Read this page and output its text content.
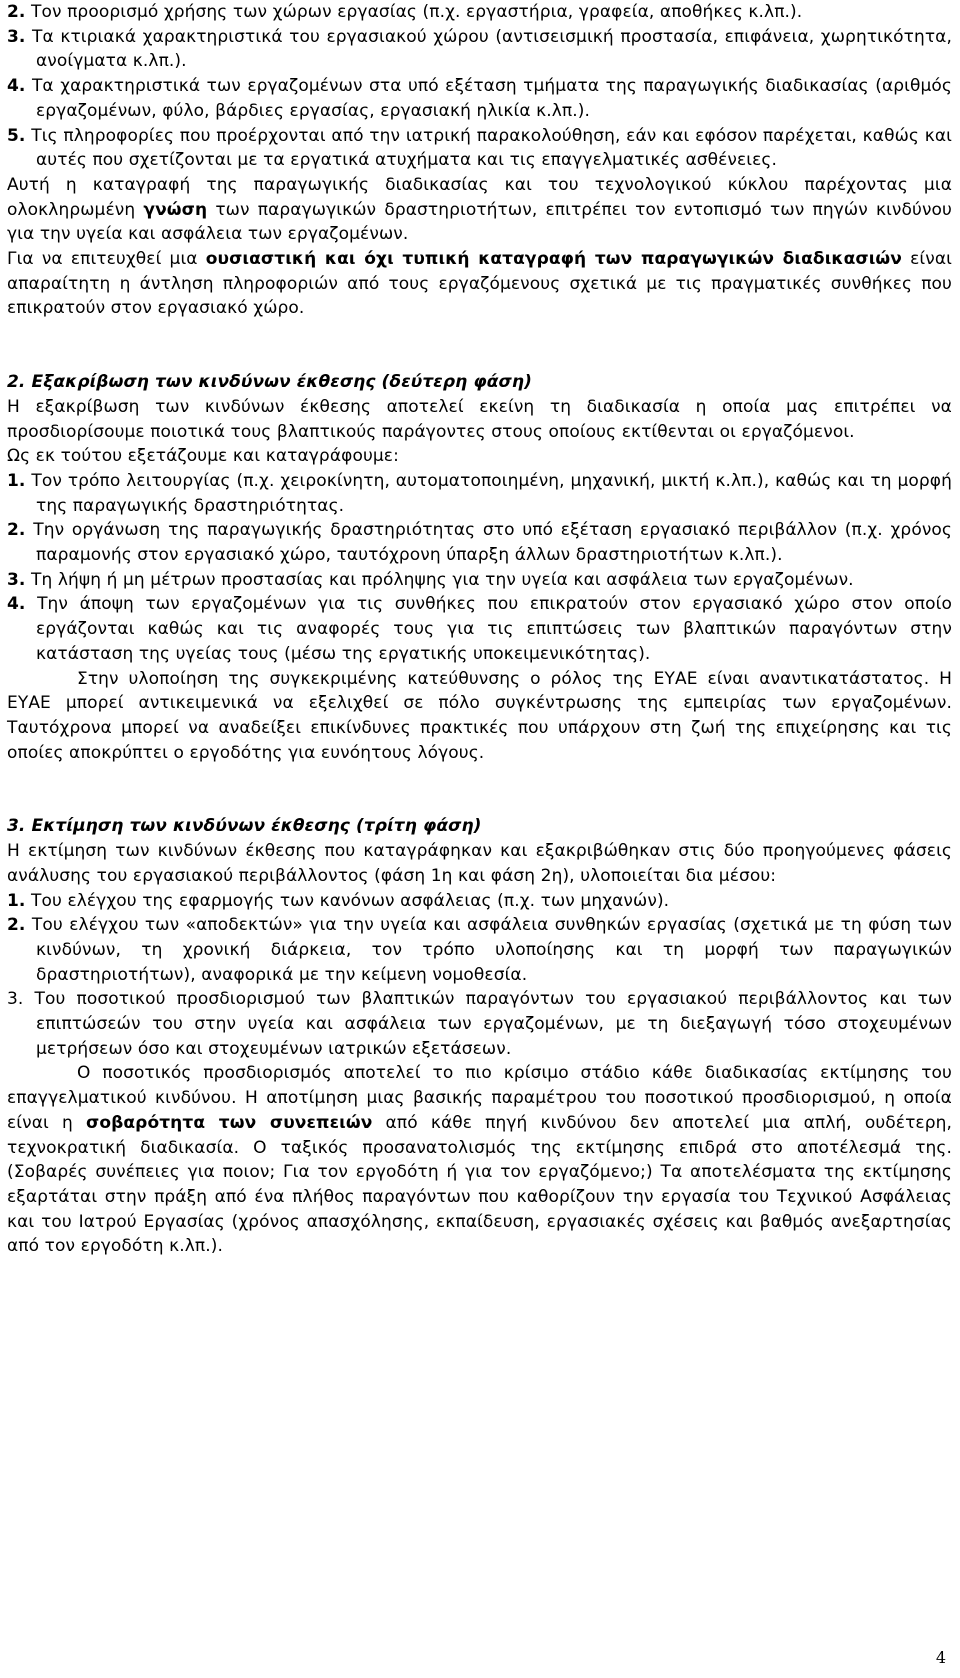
2. Τον προορισμό χρήσης των χώρων εργασίας (π.χ. εργαστήρια, γραφεία, αποθήκες κ.λπ.).

3. Τα κτιριακά χαρακτηριστικά του εργασιακού χώρου (αντισεισμική προστασία, επιφάνεια, χωρητικότητα, ανοίγματα κ.λπ.).

4. Τα χαρακτηριστικά των εργαζομένων στα υπό εξέταση τμήματα της παραγωγικής διαδικασίας (αριθμός εργαζομένων, φύλο, βάρδιες εργασίας, εργασιακή ηλικία κ.λπ.).

5. Τις πληροφορίες που προέρχονται από την ιατρική παρακολούθηση, εάν και εφόσον παρέχεται, καθώς και αυτές που σχετίζονται με τα εργατικά ατυχήματα και τις επαγγελματικές ασθένειες.

Αυτή η καταγραφή της παραγωγικής διαδικασίας και του τεχνολογικού κύκλου παρέχοντας μια ολοκληρωμένη γνώση των παραγωγικών δραστηριοτήτων, επιτρέπει τον εντοπισμό των πηγών κινδύνου για την υγεία και ασφάλεια των εργαζομένων.

Για να επιτευχθεί μια ουσιαστική και όχι τυπική καταγραφή των παραγωγικών διαδικασιών είναι απαραίτητη η άντληση πληροφοριών από τους εργαζόμενους σχετικά με τις πραγματικές συνθήκες που επικρατούν στον εργασιακό χώρο.

2. Εξακρίβωση των κινδύνων έκθεσης (δεύτερη φάση)

Η εξακρίβωση των κινδύνων έκθεσης αποτελεί εκείνη τη διαδικασία η οποία μας επιτρέπει να προσδιορίσουμε ποιοτικά τους βλαπτικούς παράγοντες στους οποίους εκτίθενται οι εργαζόμενοι.

Ως εκ τούτου εξετάζουμε και καταγράφουμε:

1. Τον τρόπο λειτουργίας (π.χ. χειροκίνητη, αυτοματοποιημένη, μηχανική, μικτή κ.λπ.), καθώς και τη μορφή της παραγωγικής δραστηριότητας.

2. Την οργάνωση της παραγωγικής δραστηριότητας στο υπό εξέταση εργασιακό περιβάλλον (π.χ. χρόνος παραμονής στον εργασιακό χώρο, ταυτόχρονη ύπαρξη άλλων δραστηριοτήτων κ.λπ.).

3. Τη λήψη ή μη μέτρων προστασίας και πρόληψης για την υγεία και ασφάλεια των εργαζομένων.

4. Την άποψη των εργαζομένων για τις συνθήκες που επικρατούν στον εργασιακό χώρο στον οποίο εργάζονται καθώς και τις αναφορές τους για τις επιπτώσεις των βλαπτικών παραγόντων στην κατάσταση της υγείας τους (μέσω της εργατικής υποκειμενικότητας).

Στην υλοποίηση της συγκεκριμένης κατεύθυνσης ο ρόλος της ΕΥΑΕ είναι αναντικατάστατος. Η ΕΥΑΕ μπορεί αντικειμενικά να εξελιχθεί σε πόλο συγκέντρωσης της εμπειρίας των εργαζομένων. Ταυτόχρονα μπορεί να αναδείξει επικίνδυνες πρακτικές που υπάρχουν στη ζωή της επιχείρησης και τις οποίες αποκρύπτει ο εργοδότης για ευνόητους λόγους.

3. Εκτίμηση των κινδύνων έκθεσης (τρίτη φάση)

Η εκτίμηση των κινδύνων έκθεσης που καταγράφηκαν και εξακριβώθηκαν στις δύο προηγούμενες φάσεις ανάλυσης του εργασιακού περιβάλλοντος (φάση 1η και φάση 2η), υλοποιείται δια μέσου:

1. Του ελέγχου της εφαρμογής των κανόνων ασφάλειας (π.χ. των μηχανών).

2. Του ελέγχου των «αποδεκτών» για την υγεία και ασφάλεια συνθηκών εργασίας (σχετικά με τη φύση των κινδύνων, τη χρονική διάρκεια, τον τρόπο υλοποίησης και τη μορφή των παραγωγικών δραστηριοτήτων), αναφορικά με την κείμενη νομοθεσία.

3. Του ποσοτικού προσδιορισμού των βλαπτικών παραγόντων του εργασιακού περιβάλλοντος και των επιπτώσεών του στην υγεία και ασφάλεια των εργαζομένων, με τη διεξαγωγή τόσο στοχευμένων μετρήσεων όσο και στοχευμένων ιατρικών εξετάσεων.

Ο ποσοτικός προσδιορισμός αποτελεί το πιο κρίσιμο στάδιο κάθε διαδικασίας εκτίμησης του επαγγελματικού κινδύνου. Η αποτίμηση μιας βασικής παραμέτρου του ποσοτικού προσδιορισμού, η οποία είναι η σοβαρότητα των συνεπειών από κάθε πηγή κινδύνου δεν αποτελεί μια απλή, ουδέτερη, τεχνοκρατική διαδικασία. Ο ταξικός προσανατολισμός της εκτίμησης επιδρά στο αποτέλεσμά της. (Σοβαρές συνέπειες για ποιον; Για τον εργοδότη ή για τον εργαζόμενο;) Τα αποτελέσματα της εκτίμησης εξαρτάται στην πράξη από ένα πλήθος παραγόντων που καθορίζουν την εργασία του Τεχνικού Ασφάλειας και του Ιατρού Εργασίας (χρόνος απασχόλησης, εκπαίδευση, εργασιακές σχέσεις και βαθμός ανεξαρτησίας από τον εργοδότη κ.λπ.).

4
